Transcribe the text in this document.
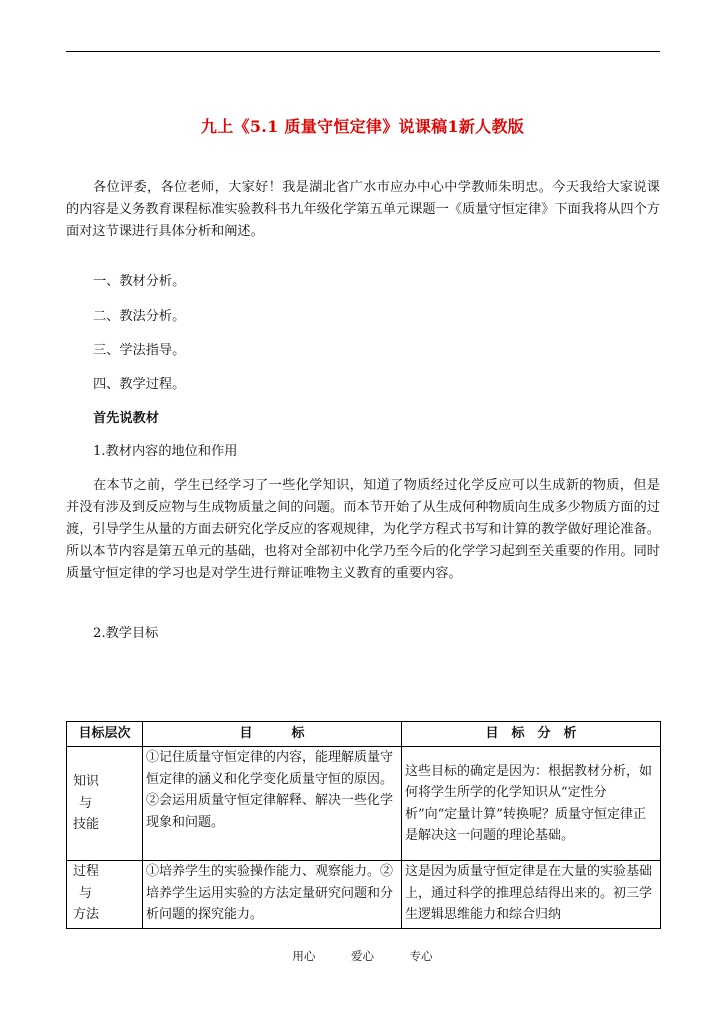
九上《5.1 质量守恒定律》说课稿1新人教版

各位评委，各位老师，大家好！我是湖北省广水市应办中心中学教师朱明忠。今天我给大家说课的内容是义务教育课程标准实验教科书九年级化学第五单元课题一《质量守恒定律》下面我将从四个方面对这节课进行具体分析和阐述。

一、教材分析。

二、教法分析。

三、学法指导。

四、教学过程。

首先说教材

1.教材内容的地位和作用

在本节之前，学生已经学习了一些化学知识，知道了物质经过化学反应可以生成新的物质，但是并没有涉及到反应物与生成物质量之间的问题。而本节开始了从生成何种物质向生成多少物质方面的过渡，引导学生从量的方面去研究化学反应的客观规律，为化学方程式书写和计算的教学做好理论准备。所以本节内容是第五单元的基础，也将对全部初中化学乃至今后的化学学习起到至关重要的作用。同时质量守恒定律的学习也是对学生进行辩证唯物主义教育的重要内容。

2.教学目标

目标层次	目　　　标	目　标　分　析

知识
与
技能	①记住质量守恒定律的内容，能理解质量守恒定律的涵义和化学变化质量守恒的原因。②会运用质量守恒定律解释、解决一些化学现象和问题。	这些目标的确定是因为：根据教材分析，如何将学生所学的化学知识从“定性分析”向“定量计算”转换呢？质量守恒定律正是解决这一问题的理论基础。

过程
与
方法	①培养学生的实验操作能力、观察能力。②培养学生运用实验的方法定量研究问题和分析问题的探究能力。	这是因为质量守恒定律是在大量的实验基础上，通过科学的推理总结得出来的。初三学生逻辑思维能力和综合归纳
用心	爱心	专心
